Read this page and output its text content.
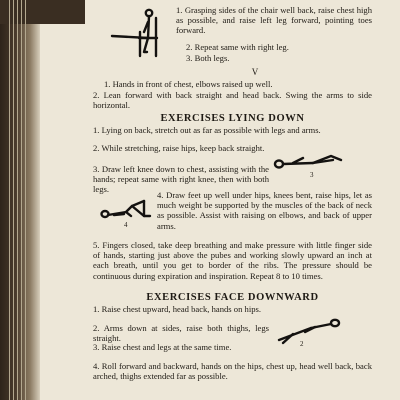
1. Grasping sides of the chair well back, raise chest high as possible, and raise left leg forward, pointing toes forward.

2. Repeat same with right leg.

3. Both legs.

V

1. Hands in front of chest, elbows raised up well.

2. Lean forward with back straight and head back. Swing the arms to side horizontal.

EXERCISES LYING DOWN

1. Lying on back, stretch out as far as possible with legs and arms.

2. While stretching, raise hips, keep back straight.

3. Draw left knee down to chest, assisting with the hands; repeat same with right knee, then with both legs.

3
4

4. Draw feet up well under hips, knees bent, raise hips, let as much weight be supported by the muscles of the back of neck as possible. Assist with raising on elbows, and back of upper arms.

5. Fingers closed, take deep breathing and make pressure with little finger side of hands, starting just above the pubes and working slowly upward an inch at each breath, until you get to border of the ribs. The pressure should be continuous during expiration and inspiration. Repeat 8 to 10 times.

EXERCISES FACE DOWNWARD

1. Raise chest upward, head back, hands on hips.

2. Arms down at sides, raise both thighs, legs straight.

3. Raise chest and legs at the same time.	2

4. Roll forward and backward, hands on the hips, chest up, head well back, back arched, thighs extended far as possible.
